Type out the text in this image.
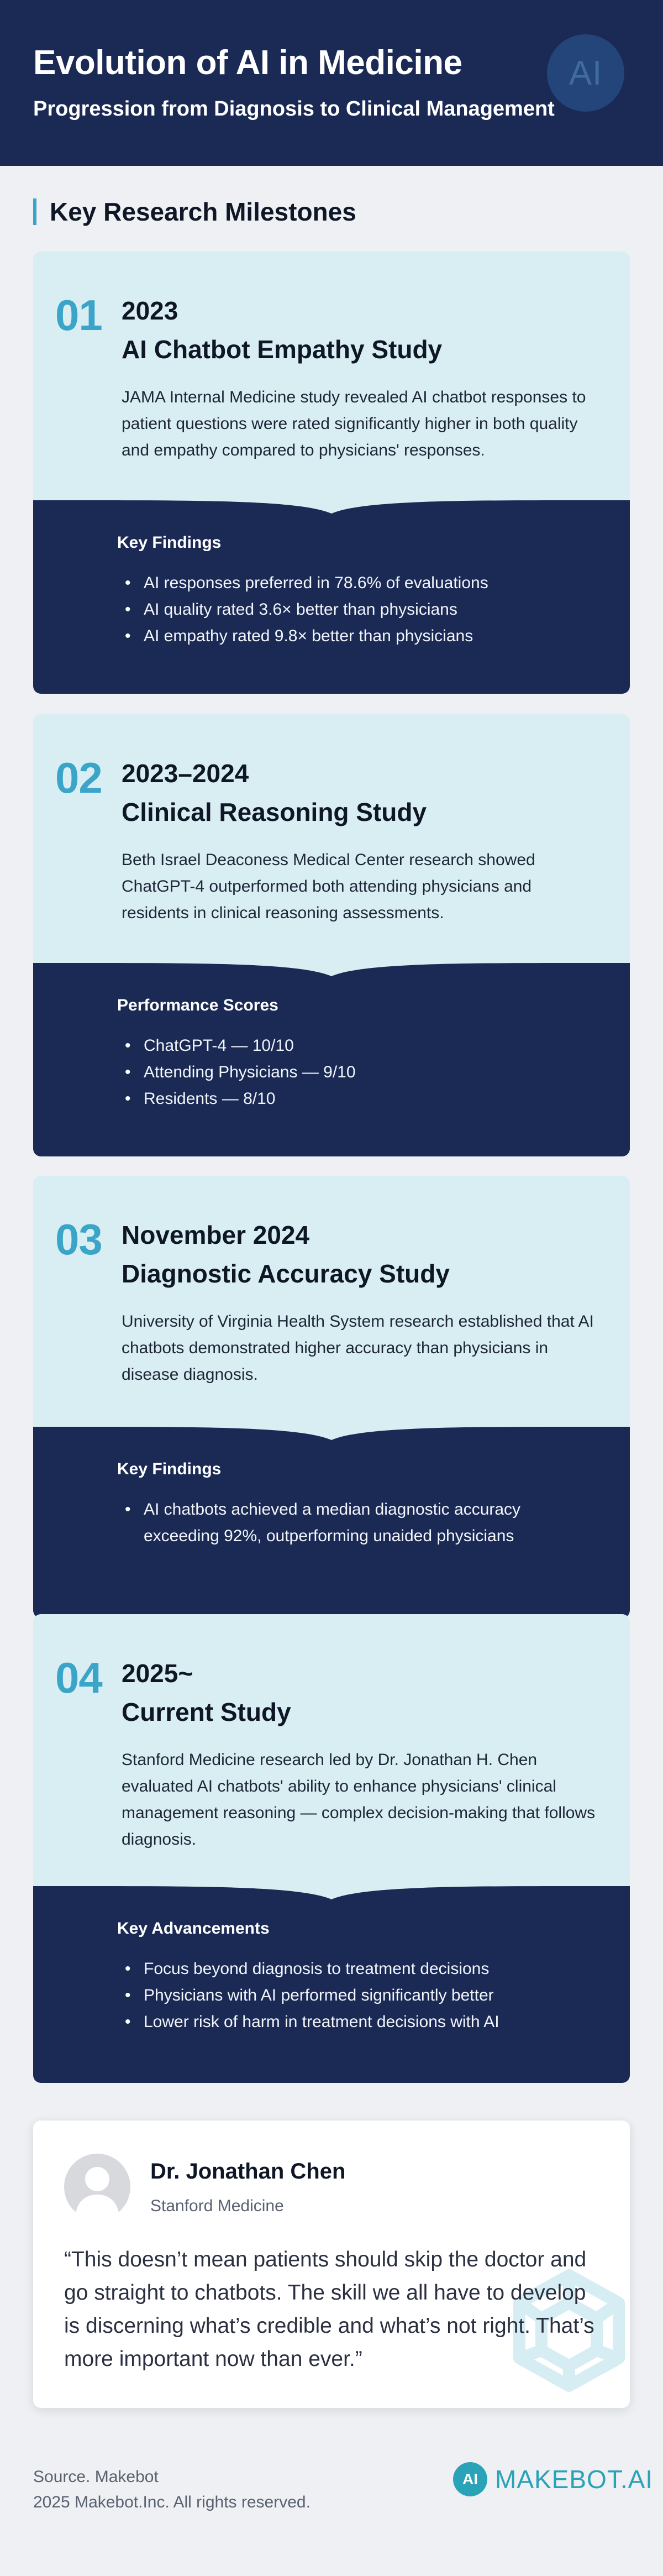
Evolution of AI in Medicine
Progression from Diagnosis to Clinical Management
AI
Key Research Milestones
01 2023
AI Chatbot Empathy Study
JAMA Internal Medicine study revealed AI chatbot responses to patient questions were rated significantly higher in both quality and empathy compared to physicians' responses.
Key Findings
• AI responses preferred in 78.6% of evaluations
• AI quality rated 3.6× better than physicians
• AI empathy rated 9.8× better than physicians
02 2023–2024
Clinical Reasoning Study
Beth Israel Deaconess Medical Center research showed ChatGPT-4 outperformed both attending physicians and residents in clinical reasoning assessments.
Performance Scores
• ChatGPT-4 — 10/10
• Attending Physicians — 9/10
• Residents — 8/10
03 November 2024
Diagnostic Accuracy Study
University of Virginia Health System research established that AI chatbots demonstrated higher accuracy than physicians in disease diagnosis.
Key Findings
• AI chatbots achieved a median diagnostic accuracy exceeding 92%, outperforming unaided physicians
04 2025~
Current Study
Stanford Medicine research led by Dr. Jonathan H. Chen evaluated AI chatbots' ability to enhance physicians' clinical management reasoning — complex decision-making that follows diagnosis.
Key Advancements
• Focus beyond diagnosis to treatment decisions
• Physicians with AI performed significantly better
• Lower risk of harm in treatment decisions with AI
Dr. Jonathan Chen
Stanford Medicine
“This doesn’t mean patients should skip the doctor and go straight to chatbots. The skill we all have to develop is discerning what’s credible and what’s not right. That’s more important now than ever.”
Source. Makebot
2025 Makebot.Inc. All rights reserved.
AI MAKEBOT.AI
